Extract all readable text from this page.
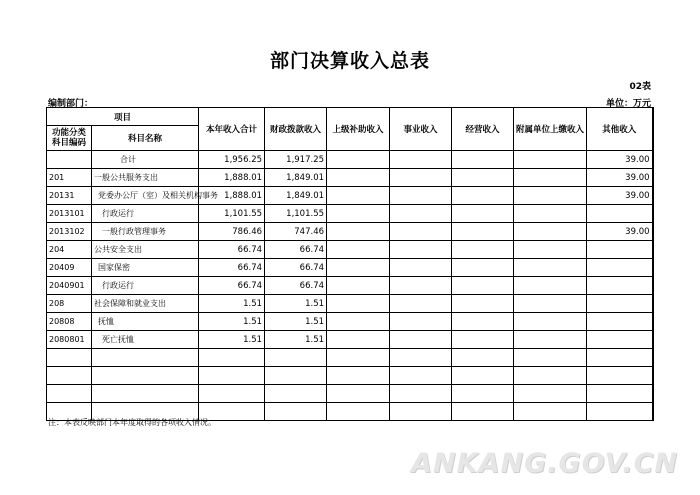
部门决算收入总表
02表
编制部门：	单位：万元
项目		本年收入合计	财政拨款收入	上级补助收入	事业收入	经营收入	附属单位上缴收入	其他收入
功能分类科目编码	科目名称							
	合计	1,956.25	1,917.25					39.00
201	一般公共服务支出	1,888.01	1,849.01					39.00
20131	党委办公厅（室）及相关机构事务	1,888.01	1,849.01					39.00
2013101	行政运行	1,101.55	1,101.55					
2013102	一般行政管理事务	786.46	747.46					39.00
204	公共安全支出	66.74	66.74					
20409	国家保密	66.74	66.74					
2040901	行政运行	66.74	66.74					
208	社会保障和就业支出	1.51	1.51					
20808	抚恤	1.51	1.51					
2080801	死亡抚恤	1.51	1.51					

注：本表反映部门本年度取得的各项收入情况。
ANKANG.GOV.CN
